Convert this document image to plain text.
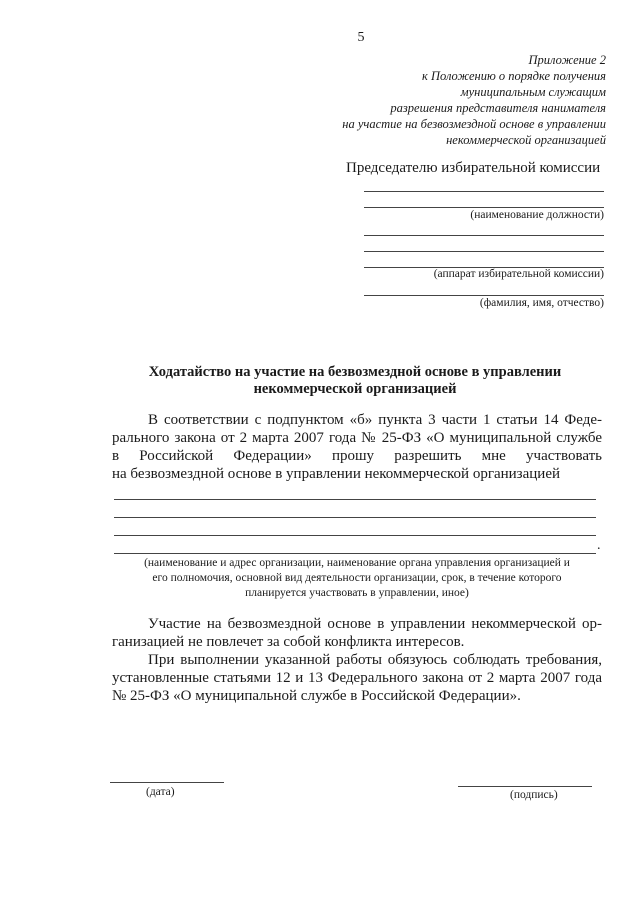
5
Приложение 2
к Положению о порядке получения
муниципальным служащим
разрешения представителя нанимателя
на участие на безвозмездной основе в управлении
некоммерческой организацией
Председателю избирательной комиссии
(наименование должности)
(аппарат избирательной комиссии)
(фамилия, имя, отчество)
Ходатайство на участие на безвозмездной основе в управлении
некоммерческой организацией
В соответствии с подпунктом «б» пункта 3 части 1 статьи 14 Феде-
рального закона от 2 марта 2007 года № 25-ФЗ «О муниципальной службе
в Российской Федерации» прошу разрешить мне участвовать
на безвозмездной основе в управлении некоммерческой организацией
.
(наименование и адрес организации, наименование органа управления организацией и
его полномочия, основной вид деятельности организации, срок, в течение которого
планируется участвовать в управлении, иное)
Участие на безвозмездной основе в управлении некоммерческой ор-
ганизацией не повлечет за собой конфликта интересов.
При выполнении указанной работы обязуюсь соблюдать требования,
установленные статьями 12 и 13 Федерального закона от 2 марта 2007 года
№ 25-ФЗ «О муниципальной службе в Российской Федерации».
(дата)	(подпись)
